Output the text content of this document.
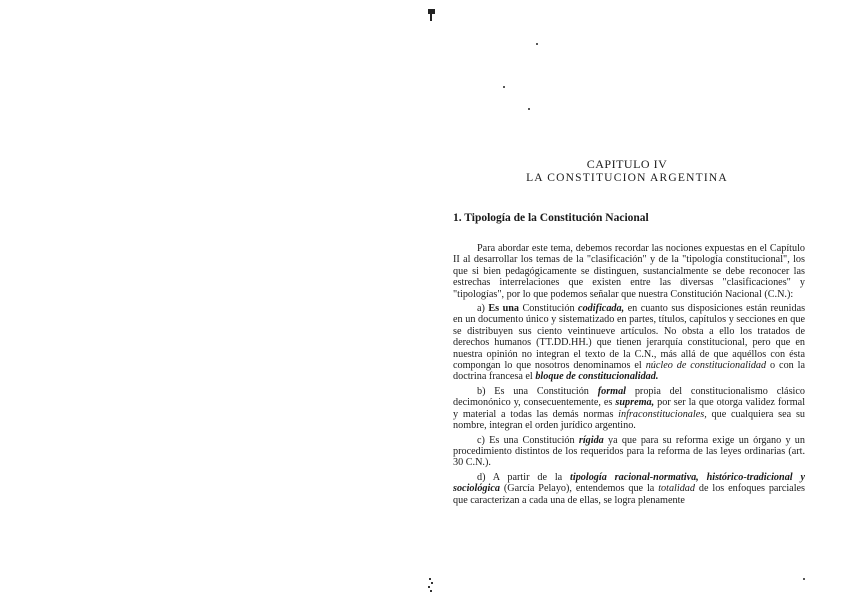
CAPITULO IV
LA CONSTITUCION ARGENTINA
1. Tipología de la Constitución Nacional

Para abordar este tema, debemos recordar las nociones expuestas en el Capítulo II al desarrollar los temas de la "clasificación" y de la "tipología constitucional", los que si bien pedagógicamente se distinguen, sustancialmente se debe reconocer las estrechas interrelaciones que existen entre las diversas "clasificaciones" y "tipologías", por lo que podemos señalar que nuestra Constitución Nacional (C.N.):

a) Es una Constitución codificada, en cuanto sus disposiciones están reunidas en un documento único y sistematizado en partes, títulos, capítulos y secciones en que se distribuyen sus ciento veintinueve artículos. No obsta a ello los tratados de derechos humanos (TT.DD.HH.) que tienen jerarquía constitucional, pero que en nuestra opinión no integran el texto de la C.N., más allá de que aquéllos con ésta compongan lo que nosotros denominamos el núcleo de constitucionalidad o con la doctrina francesa el bloque de constitucionalidad.

b) Es una Constitución formal propia del constitucionalismo clásico decimonónico y, consecuentemente, es suprema, por ser la que otorga validez formal y material a todas las demás normas infraconstitucionales, que cualquiera sea su nombre, integran el orden jurídico argentino.

c) Es una Constitución rígida ya que para su reforma exige un órgano y un procedimiento distintos de los requeridos para la reforma de las leyes ordinarias (art. 30 C.N.).

d) A partir de la tipología racional-normativa, histórico-tradicional y sociológica (García Pelayo), entendemos que la totalidad de los enfoques parciales que caracterizan a cada una de ellas, se logra plenamente
